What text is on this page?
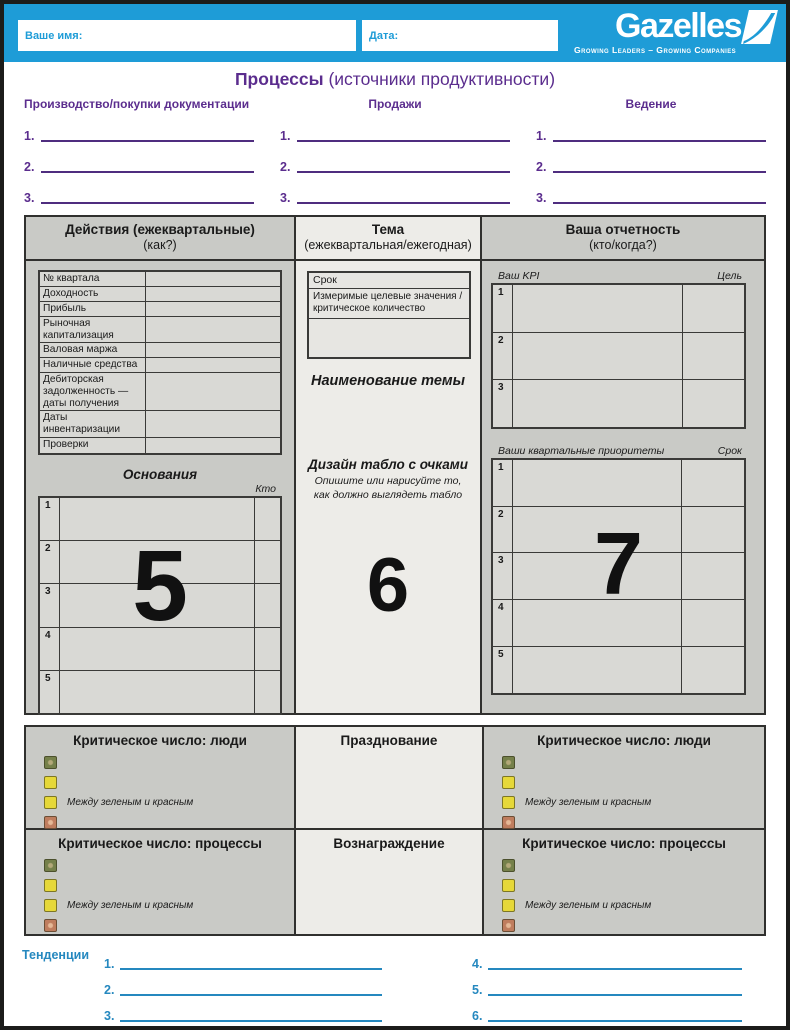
Ваше имя:	Дата:	Gazelles
Growing Leaders – Growing Companies
Процессы (источники продуктивности)
Производство/покупки документации
1.
2.
3.
Продажи
1.
2.
3.
Ведение
1.
2.
3.
Действия (ежеквартальные)
(как?)
№ квартала
Доходность
Прибыль
Рыночная капитализация
Валовая маржа
Наличные средства
Дебиторская задолженность — даты получения
Даты инвентаризации
Проверки
Основания
Кто
5
1
2
3
4
5
Тема
(ежеквартальная/ежегодная)
Срок
Измеримые целевые значения / критическое количество
Наименование темы
Дизайн табло с очками
Опишите или нарисуйте то, как должно выглядеть табло
6
Ваша отчетность
(кто/когда?)
Ваш KPI	Цель
1
2
3
Ваши квартальные приоритеты	Срок
7
1
2
3
4
5
Критическое число: люди
Между зеленым и красным
Празднование	Критическое число: люди
Между зеленым и красным
Критическое число: процессы
Между зеленым и красным
Вознаграждение	Критическое число: процессы
Между зеленым и красным
Тенденции
1.
2.
3.
4.
5.
6.
